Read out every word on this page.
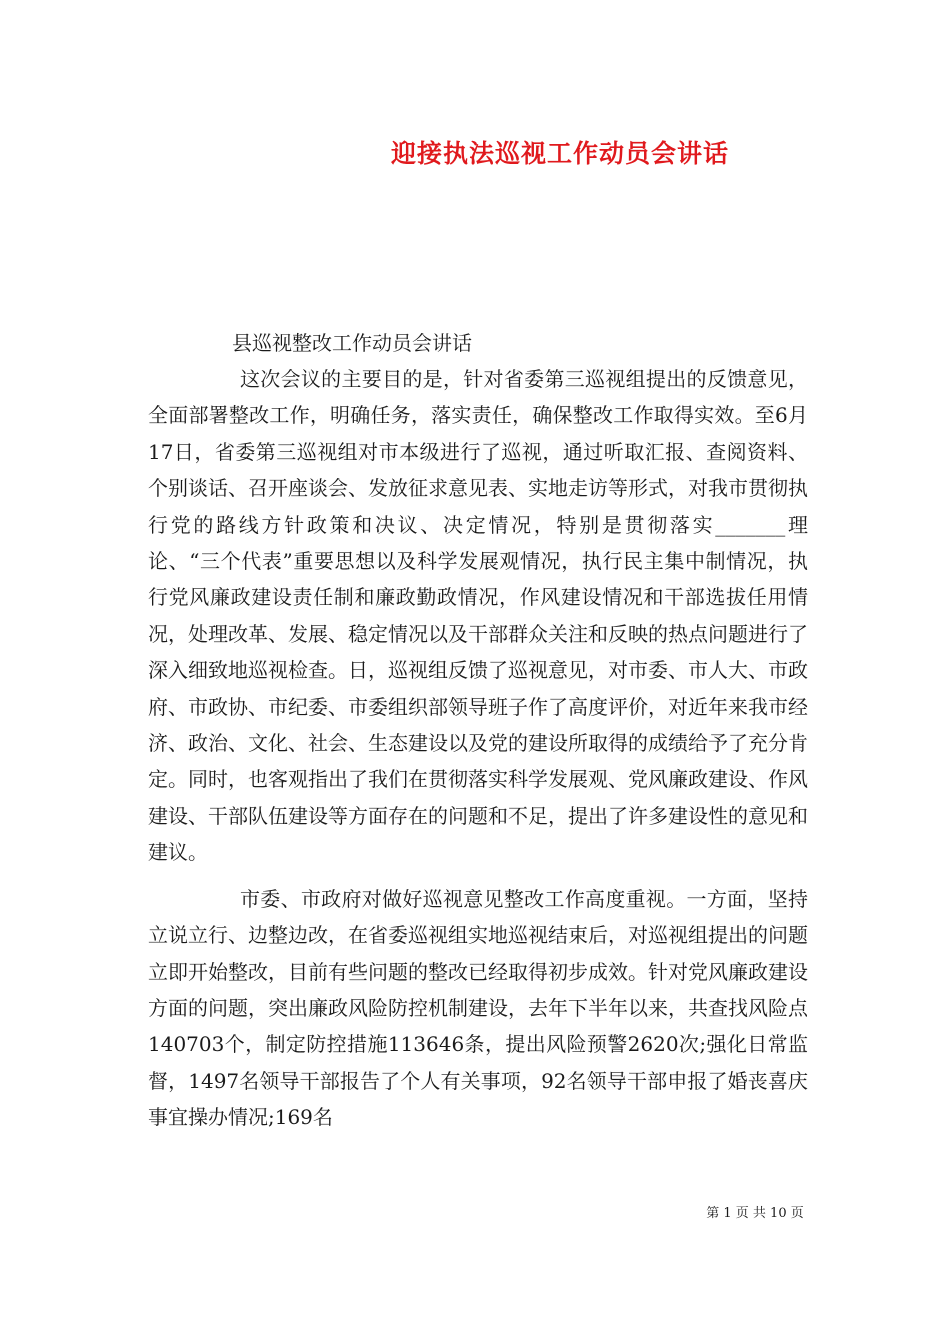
迎接执法巡视工作动员会讲话

县巡视整改工作动员会讲话

这次会议的主要目的是，针对省委第三巡视组提出的反馈意见，全面部署整改工作，明确任务，落实责任，确保整改工作取得实效。至6月17日，省委第三巡视组对市本级进行了巡视，通过听取汇报、查阅资料、个别谈话、召开座谈会、发放征求意见表、实地走访等形式，对我市贯彻执行党的路线方针政策和决议、决定情况，特别是贯彻落实_______理论、“三个代表”重要思想以及科学发展观情况，执行民主集中制情况，执行党风廉政建设责任制和廉政勤政情况，作风建设情况和干部选拔任用情况，处理改革、发展、稳定情况以及干部群众关注和反映的热点问题进行了深入细致地巡视检查。日，巡视组反馈了巡视意见，对市委、市人大、市政府、市政协、市纪委、市委组织部领导班子作了高度评价，对近年来我市经济、政治、文化、社会、生态建设以及党的建设所取得的成绩给予了充分肯定。同时，也客观指出了我们在贯彻落实科学发展观、党风廉政建设、作风建设、干部队伍建设等方面存在的问题和不足，提出了许多建设性的意见和建议。

市委、市政府对做好巡视意见整改工作高度重视。一方面，坚持立说立行、边整边改，在省委巡视组实地巡视结束后，对巡视组提出的问题立即开始整改，目前有些问题的整改已经取得初步成效。针对党风廉政建设方面的问题，突出廉政风险防控机制建设，去年下半年以来，共查找风险点140703个，制定防控措施113646条，提出风险预警2620次;强化日常监督，1497名领导干部报告了个人有关事项，92名领导干部申报了婚丧喜庆事宜操办情况;169名

第 1 页 共 10 页
